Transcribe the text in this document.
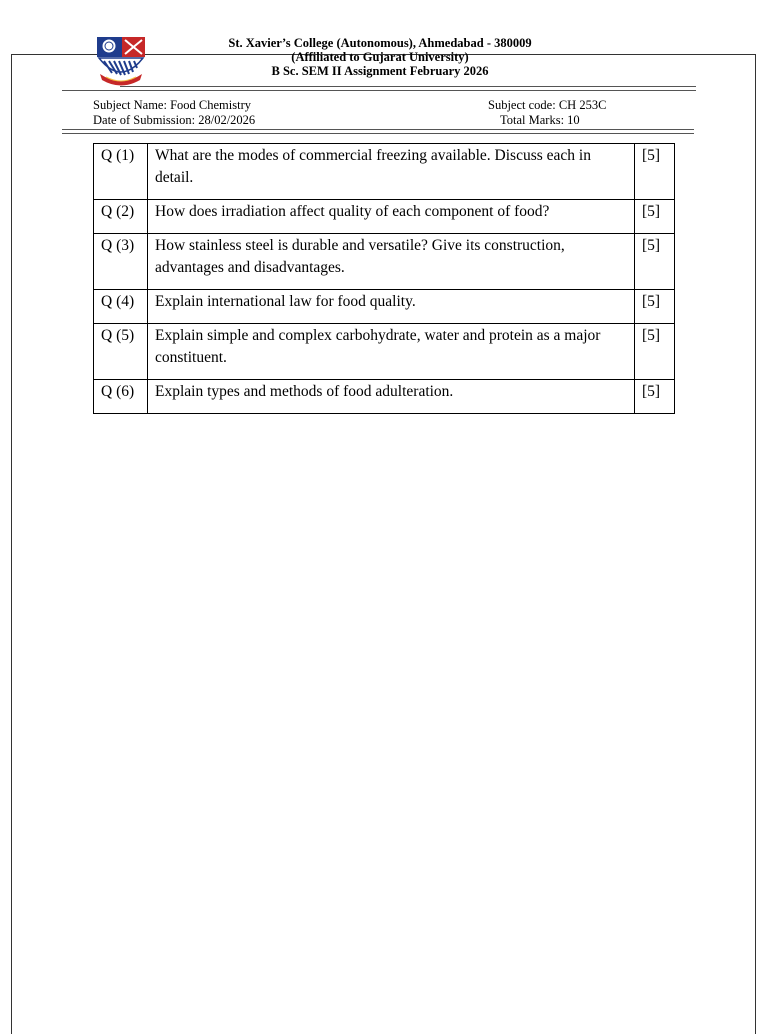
St. Xavier’s College (Autonomous), Ahmedabad - 380009
(Affiliated to Gujarat University)
B Sc. SEM II Assignment February 2026
Subject Name: Food Chemistry
Date of Submission: 28/02/2026
Subject code: CH 253C
Total Marks: 10
Q (1)	What are the modes of commercial freezing available. Discuss each in detail.	[5]
Q (2)	How does irradiation affect quality of each component of food?	[5]
Q (3)	How stainless steel is durable and versatile? Give its construction, advantages and disadvantages.	[5]
Q (4)	Explain international law for food quality.	[5]
Q (5)	Explain simple and complex carbohydrate, water and protein as a major constituent.	[5]
Q (6)	Explain types and methods of food adulteration.	[5]
